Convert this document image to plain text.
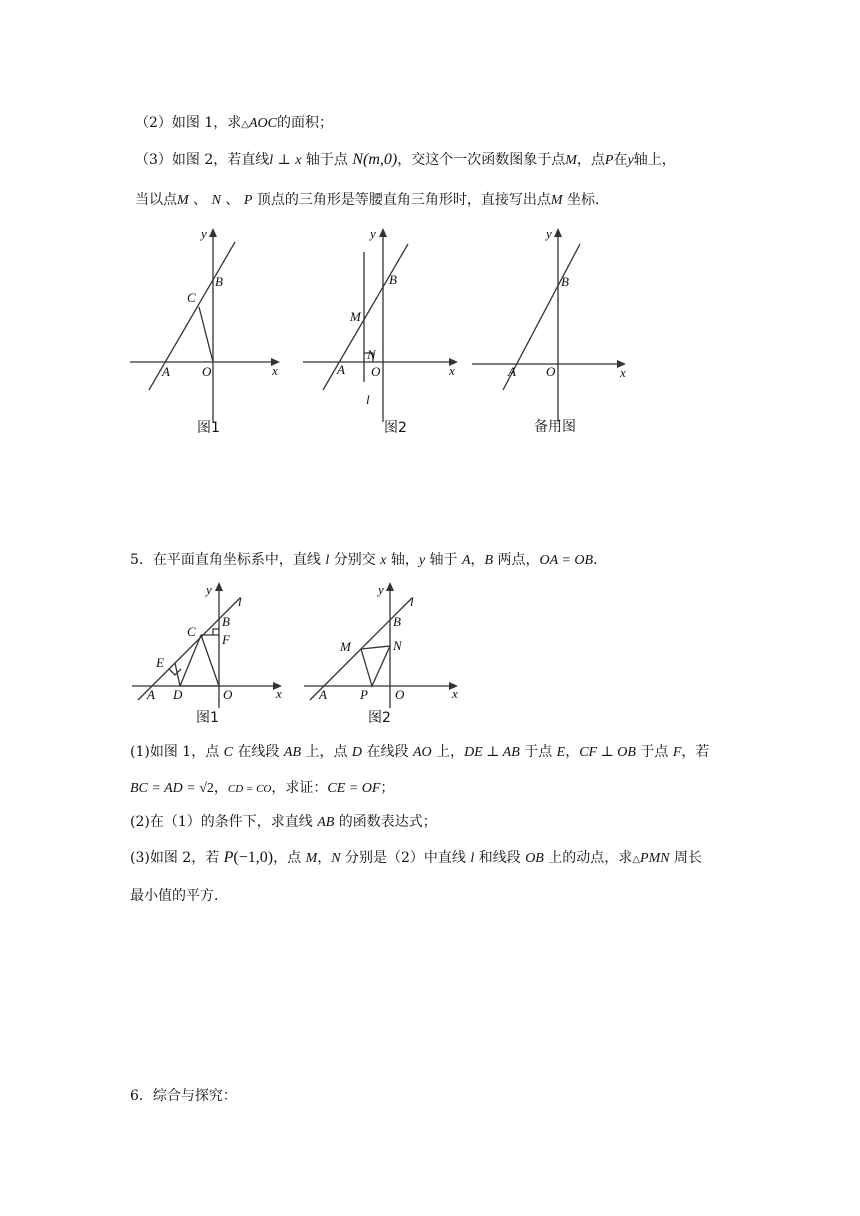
（2）如图 1，求△AOC的面积；
（3）如图 2，若直线l ⊥ x 轴于点 N(m,0)，交这个一次函数图象于点M，点P在y轴上，
当以点M 、 N 、 P 顶点的三角形是等腰直角三角形时，直接写出点M 坐标．
y
B
C
A O	x
图1
y
B
M
N
A O	x
l
图2
y
B
A O	x
备用图
5．在平面直角坐标系中，直线 l 分别交 x 轴，y 轴于 A，B 两点，OA = OB．
y
l
B
C
F
E
A D	O	x
图1
y
l
B
M	N
A	P O	x
图2
(1)如图 1，点 C 在线段 AB 上，点 D 在线段 AO 上，DE ⊥ AB 于点 E，CF ⊥ OB 于点 F，若
BC = AD = √2，CD = CO，求证：CE = OF；
(2)在（1）的条件下，求直线 AB 的函数表达式；
(3)如图 2，若 P(−1,0)，点 M，N 分别是（2）中直线 l 和线段 OB 上的动点，求△PMN 周长
最小值的平方．
6．综合与探究：
